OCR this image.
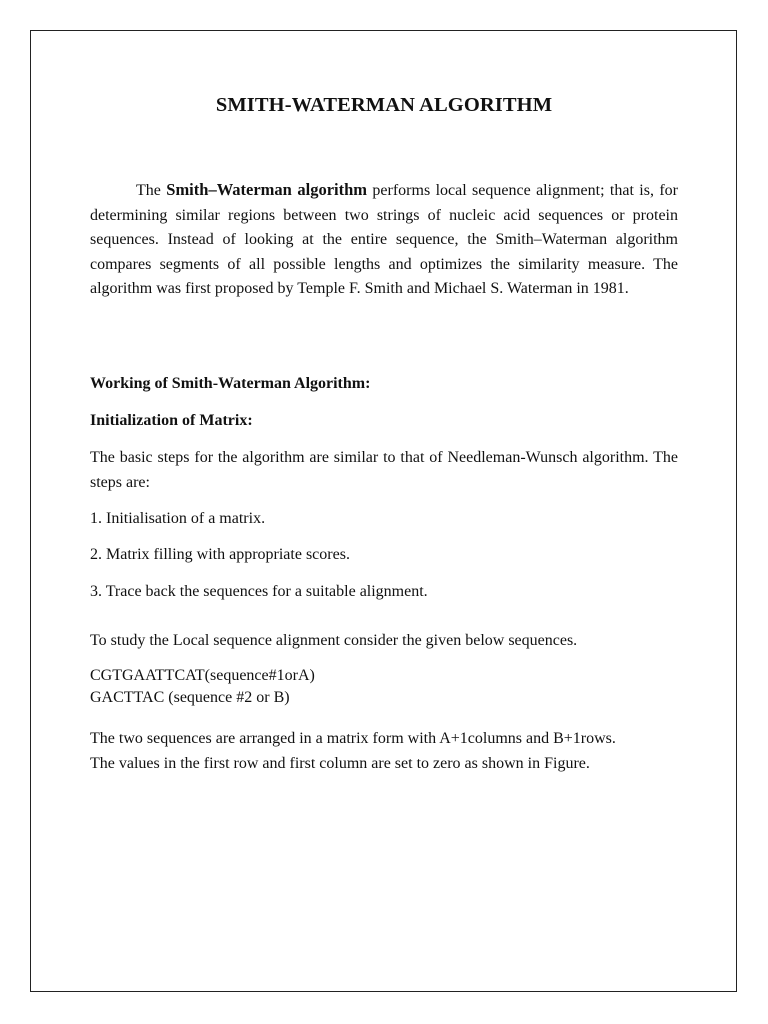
SMITH-WATERMAN ALGORITHM

The Smith–Waterman algorithm performs local sequence alignment; that is, for determining similar regions between two strings of nucleic acid sequences or protein sequences. Instead of looking at the entire sequence, the Smith–Waterman algorithm compares segments of all possible lengths and optimizes the similarity measure. The algorithm was first proposed by Temple F. Smith and Michael S. Waterman in 1981.

Working of Smith-Waterman Algorithm:
Initialization of Matrix:

The basic steps for the algorithm are similar to that of Needleman-Wunsch algorithm. The steps are:

1. Initialisation of a matrix.

2. Matrix filling with appropriate scores.

3. Trace back the sequences for a suitable alignment.

To study the Local sequence alignment consider the given below sequences.

CGTGAATTCAT(sequence#1orA)
GACTTAC (sequence #2 or B)
The two sequences are arranged in a matrix form with A+1columns and B+1rows.
The values in the first row and first column are set to zero as shown in Figure.
